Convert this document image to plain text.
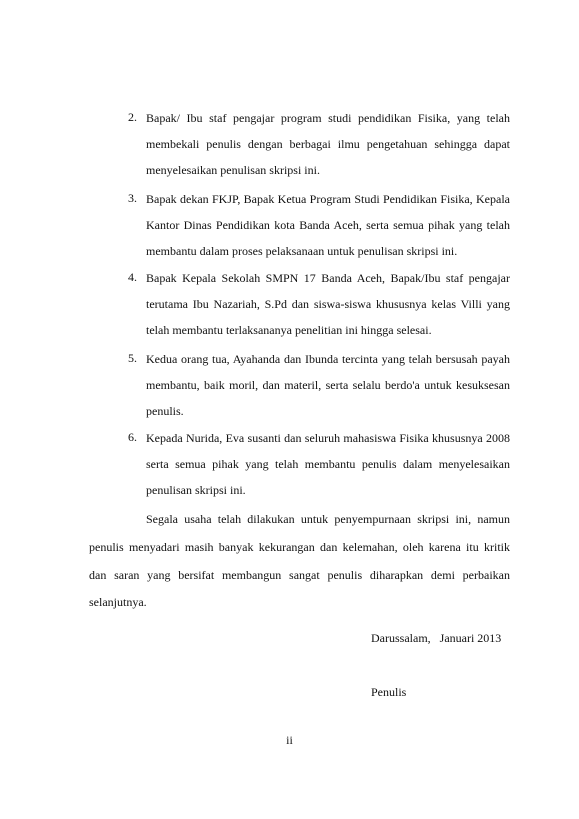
2. Bapak/ Ibu staf pengajar program studi pendidikan Fisika, yang telah
membekali penulis dengan berbagai ilmu pengetahuan sehingga dapat
menyelesaikan penulisan skripsi ini.
3. Bapak dekan FKJP, Bapak Ketua Program Studi Pendidikan Fisika, Kepala
Kantor Dinas Pendidikan kota Banda Aceh, serta semua pihak yang telah
membantu dalam proses pelaksanaan untuk penulisan skripsi ini.
4. Bapak Kepala Sekolah SMPN 17 Banda Aceh, Bapak/Ibu staf pengajar
terutama Ibu Nazariah, S.Pd dan siswa-siswa khususnya kelas Villi yang
telah membantu terlaksananya penelitian ini hingga selesai.
5. Kedua orang tua, Ayahanda dan Ibunda tercinta yang telah bersusah payah
membantu, baik moril, dan materil, serta selalu berdo'a untuk kesuksesan
penulis.
6. Kepada Nurida, Eva susanti dan seluruh mahasiswa Fisika khususnya 2008
serta semua pihak yang telah membantu penulis dalam menyelesaikan
penulisan skripsi ini.
Segala usaha telah dilakukan untuk penyempurnaan skripsi ini, namun
penulis menyadari masih banyak kekurangan dan kelemahan, oleh karena itu kritik
dan saran yang bersifat membangun sangat penulis diharapkan demi perbaikan
selanjutnya.
Darussalam,   Januari 2013
Penulis
ii
